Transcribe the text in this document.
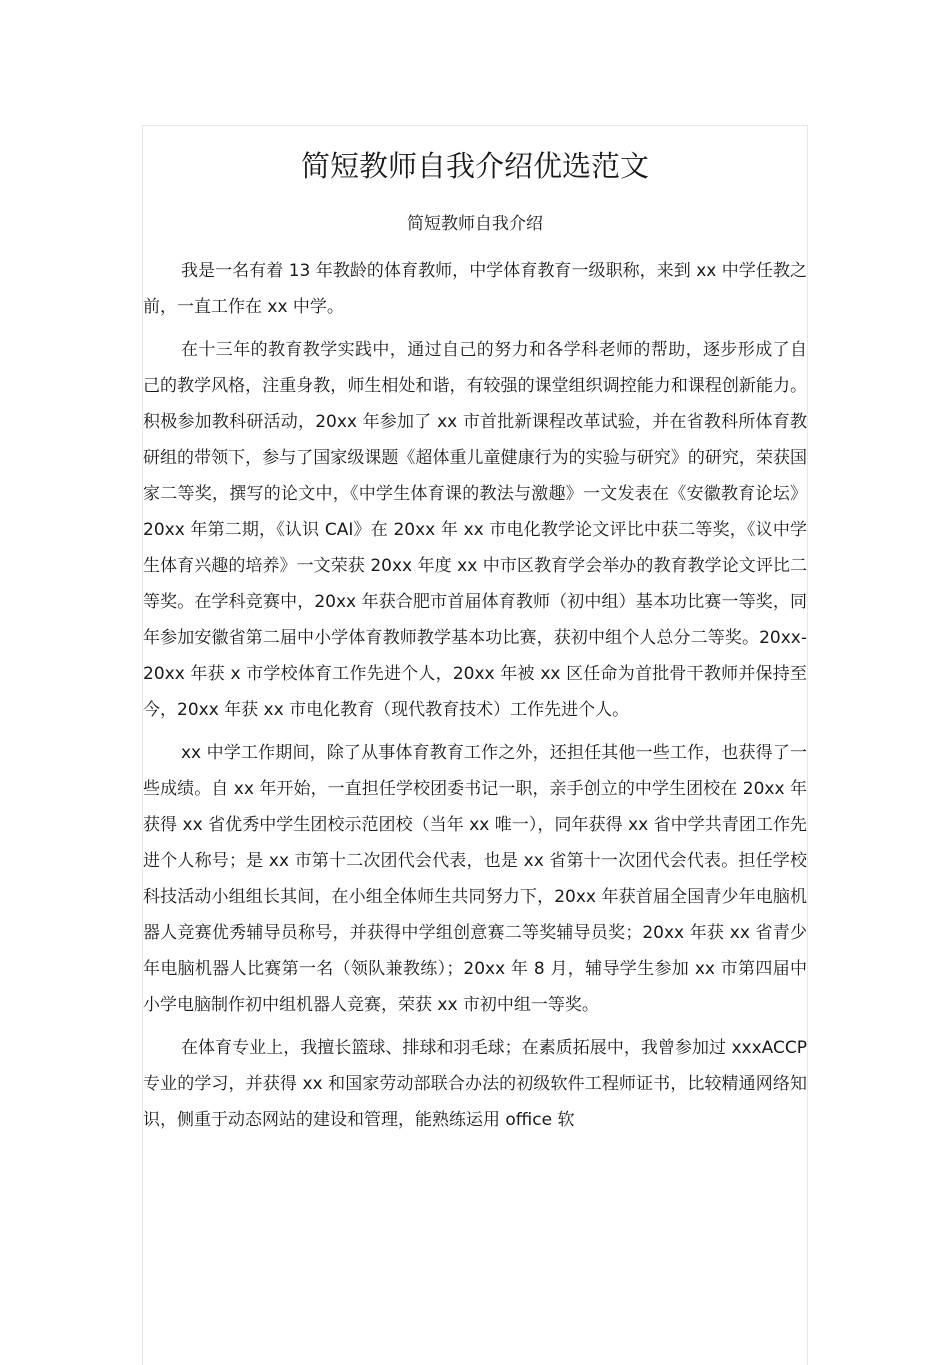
简短教师自我介绍优选范文
简短教师自我介绍

我是一名有着 13 年教龄的体育教师，中学体育教育一级职称，来到 xx 中学任教之前，一直工作在 xx 中学。

在十三年的教育教学实践中，通过自己的努力和各学科老师的帮助，逐步形成了自己的教学风格，注重身教，师生相处和谐，有较强的课堂组织调控能力和课程创新能力。积极参加教科研活动，20xx 年参加了 xx 市首批新课程改革试验，并在省教科所体育教研组的带领下，参与了国家级课题《超体重儿童健康行为的实验与研究》的研究，荣获国家二等奖，撰写的论文中，《中学生体育课的教法与激趣》一文发表在《安徽教育论坛》20xx 年第二期，《认识 CAI》在 20xx 年 xx 市电化教学论文评比中获二等奖，《议中学生体育兴趣的培养》一文荣获 20xx 年度 xx 中市区教育学会举办的教育教学论文评比二等奖。在学科竞赛中，20xx 年获合肥市首届体育教师（初中组）基本功比赛一等奖，同年参加安徽省第二届中小学体育教师教学基本功比赛，获初中组个人总分二等奖。20xx-20xx 年获 x 市学校体育工作先进个人，20xx 年被 xx 区任命为首批骨干教师并保持至今，20xx 年获 xx 市电化教育（现代教育技术）工作先进个人。

xx 中学工作期间，除了从事体育教育工作之外，还担任其他一些工作，也获得了一些成绩。自 xx 年开始，一直担任学校团委书记一职，亲手创立的中学生团校在 20xx 年获得 xx 省优秀中学生团校示范团校（当年 xx 唯一），同年获得 xx 省中学共青团工作先进个人称号；是 xx 市第十二次团代会代表，也是 xx 省第十一次团代会代表。担任学校科技活动小组组长其间，在小组全体师生共同努力下，20xx 年获首届全国青少年电脑机器人竞赛优秀辅导员称号，并获得中学组创意赛二等奖辅导员奖；20xx 年获 xx 省青少年电脑机器人比赛第一名（领队兼教练）；20xx 年 8 月，辅导学生参加 xx 市第四届中小学电脑制作初中组机器人竞赛，荣获 xx 市初中组一等奖。

在体育专业上，我擅长篮球、排球和羽毛球；在素质拓展中，我曾参加过 xxxACCP专业的学习，并获得 xx 和国家劳动部联合办法的初级软件工程师证书，比较精通网络知识，侧重于动态网站的建设和管理，能熟练运用 office 软
